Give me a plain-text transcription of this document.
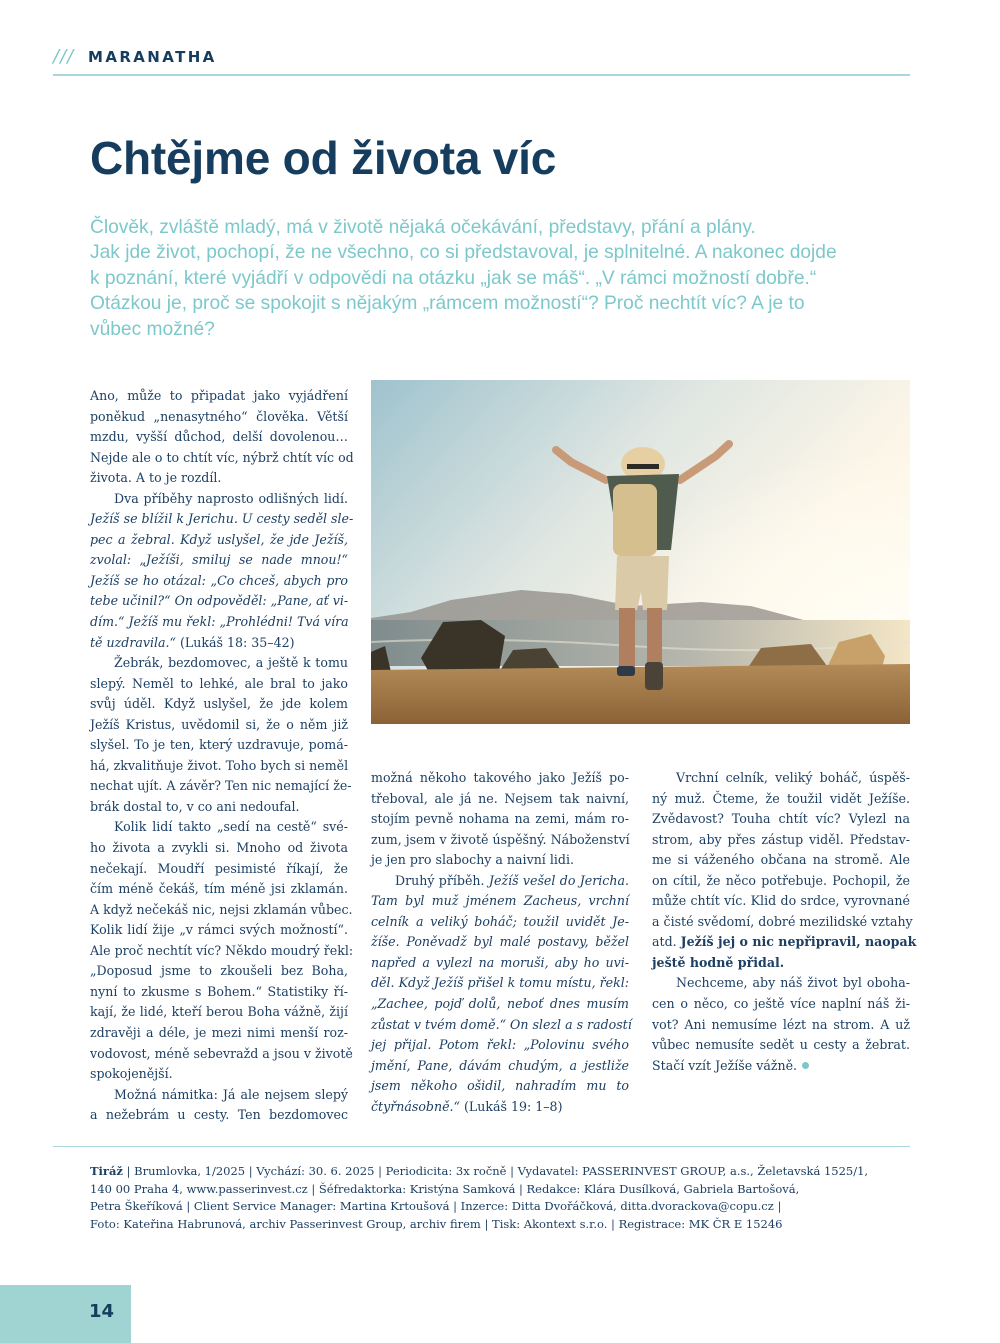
/// MARANATHA
Chtějme od života víc
Člověk, zvláště mladý, má v životě nějaká očekávání, představy, přání a plány.
Jak jde život, pochopí, že ne všechno, co si představoval, je splnitelné. A nakonec dojde
k poznání, které vyjádří v odpovědi na otázku „jak se máš“. „V rámci možností dobře.“
Otázkou je, proč se spokojit s nějakým „rámcem možností“? Proč nechtít víc? A je to
vůbec možné?
Ano, může to připadat jako vyjádření
poněkud „nenasytného“ člověka. Větší
mzdu, vyšší důchod, delší dovolenou…
Nejde ale o to chtít víc, nýbrž chtít víc od
života. A to je rozdíl.
Dva příběhy naprosto odlišných lidí.
Ježíš se blížil k Jerichu. U cesty seděl sle-
pec a žebral. Když uslyšel, že jde Ježíš,
zvolal: „Ježíši, smiluj se nade mnou!“
Ježíš se ho otázal: „Co chceš, abych pro
tebe učinil?“ On odpověděl: „Pane, ať vi-
dím.“ Ježíš mu řekl: „Prohlédni! Tvá víra
tě uzdravila.“ (Lukáš 18: 35–42)
Žebrák, bezdomovec, a ještě k tomu
slepý. Neměl to lehké, ale bral to jako
svůj úděl. Když uslyšel, že jde kolem
Ježíš Kristus, uvědomil si, že o něm již
slyšel. To je ten, který uzdravuje, pomá-
há, zkvalitňuje život. Toho bych si neměl
nechat ujít. A závěr? Ten nic nemající že-
brák dostal to, v co ani nedoufal.
Kolik lidí takto „sedí na cestě“ své-
ho života a zvykli si. Mnoho od života
nečekají. Moudří pesimisté říkají, že
čím méně čekáš, tím méně jsi zklamán.
A když nečekáš nic, nejsi zklamán vůbec.
Kolik lidí žije „v rámci svých možností“.
Ale proč nechtít víc? Někdo moudrý řekl:
„Doposud jsme to zkoušeli bez Boha,
nyní to zkusme s Bohem.“ Statistiky ří-
kají, že lidé, kteří berou Boha vážně, žijí
zdravěji a déle, je mezi nimi menší roz-
vodovost, méně sebevražd a jsou v životě
spokojenější.
Možná námitka: Já ale nejsem slepý
a nežebrám u cesty. Ten bezdomovec
možná někoho takového jako Ježíš po-
třeboval, ale já ne. Nejsem tak naivní,
stojím pevně nohama na zemi, mám ro-
zum, jsem v životě úspěšný. Náboženství
je jen pro slabochy a naivní lidi.
Druhý příběh. Ježíš vešel do Jericha.
Tam byl muž jménem Zacheus, vrchní
celník a veliký boháč; toužil uvidět Je-
žíše. Poněvadž byl malé postavy, běžel
napřed a vylezl na moruši, aby ho uvi-
děl. Když Ježíš přišel k tomu místu, řekl:
„Zachee, pojď dolů, neboť dnes musím
zůstat v tvém domě.“ On slezl a s radostí
jej přijal. Potom řekl: „Polovinu svého
jmění, Pane, dávám chudým, a jestliže
jsem někoho ošidil, nahradím mu to
čtyřnásobně.“ (Lukáš 19: 1–8)
Vrchní celník, veliký boháč, úspěš-
ný muž. Čteme, že toužil vidět Ježíše.
Zvědavost? Touha chtít víc? Vylezl na
strom, aby přes zástup viděl. Představ-
me si váženého občana na stromě. Ale
on cítil, že něco potřebuje. Pochopil, že
může chtít víc. Klid do srdce, vyrovnané
a čisté svědomí, dobré mezilidské vztahy
atd. Ježíš jej o nic nepřipravil, naopak
ještě hodně přidal.
Nechceme, aby náš život byl oboha-
cen o něco, co ještě více naplní náš ži-
vot? Ani nemusíme lézt na strom. A už
vůbec nemusíte sedět u cesty a žebrat.
Stačí vzít Ježíše vážně.
Tiráž | Brumlovka, 1/2025 | Vychází: 30. 6. 2025 | Periodicita: 3x ročně | Vydavatel: PASSERINVEST GROUP, a.s., Želetavská 1525/1,
140 00 Praha 4, www.passerinvest.cz | Šéfredaktorka: Kristýna Samková | Redakce: Klára Dusílková, Gabriela Bartošová,
Petra Škeříková | Client Service Manager: Martina Krtoušová | Inzerce: Ditta Dvořáčková, ditta.dvorackova@copu.cz |
Foto: Kateřina Habrunová, archiv Passerinvest Group, archiv firem | Tisk: Akontext s.r.o. | Registrace: MK ČR E 15246
14
